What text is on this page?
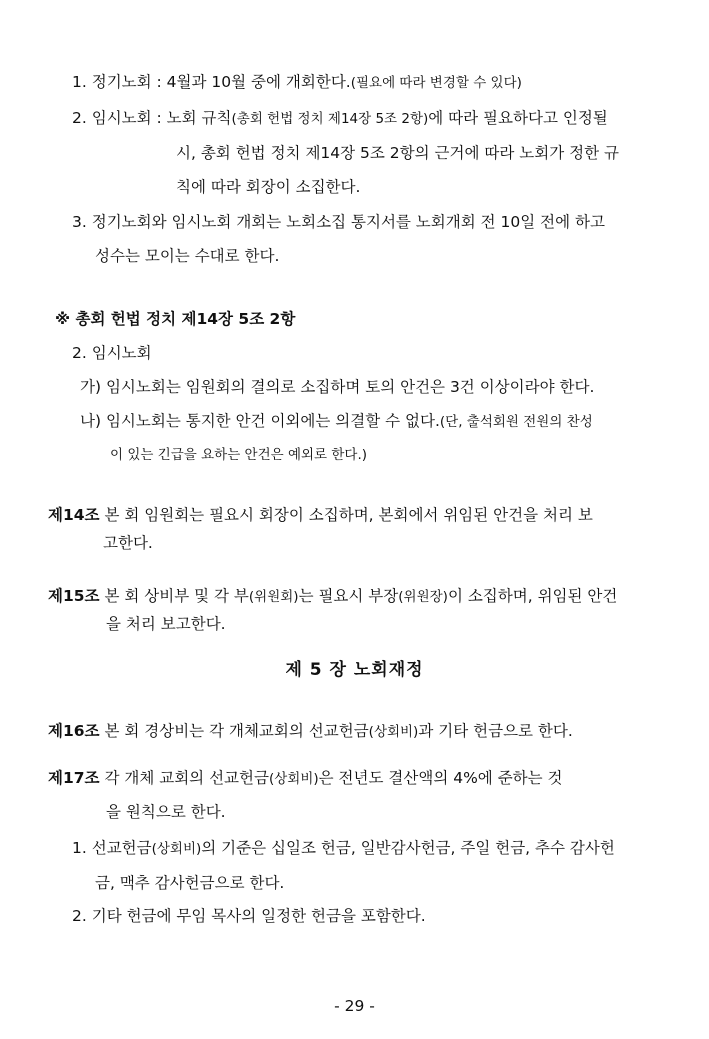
1. 정기노회 : 4월과 10월 중에 개회한다.(필요에 따라 변경할 수 있다)
2. 임시노회 : 노회 규칙(총회 헌법 정치 제14장 5조 2항)에 따라 필요하다고 인정될
시, 총회 헌법 정치 제14장 5조 2항의 근거에 따라 노회가 정한 규
칙에 따라 회장이 소집한다.
3. 정기노회와 임시노회 개회는 노회소집 통지서를 노회개회 전 10일 전에 하고
성수는 모이는 수대로 한다.
※ 총회 헌법 정치 제14장 5조 2항
2. 임시노회
가) 임시노회는 임원회의 결의로 소집하며 토의 안건은 3건 이상이라야 한다.
나) 임시노회는 통지한 안건 이외에는 의결할 수 없다.(단, 출석회원 전원의 찬성
이 있는 긴급을 요하는 안건은 예외로 한다.)
제14조 본 회 임원회는 필요시 회장이 소집하며, 본회에서 위임된 안건을 처리 보
고한다.
제15조 본 회 상비부 및 각 부(위원회)는 필요시 부장(위원장)이 소집하며, 위임된 안건
을 처리 보고한다.
제 5 장 노회재정
제16조 본 회 경상비는 각 개체교회의 선교헌금(상회비)과 기타 헌금으로 한다.
제17조 각 개체 교회의 선교헌금(상회비)은 전년도 결산액의 4%에 준하는 것
을 원칙으로 한다.
1. 선교헌금(상회비)의 기준은 십일조 헌금, 일반감사헌금, 주일 헌금, 추수 감사헌
금, 맥추 감사헌금으로 한다.
2. 기타 헌금에 무임 목사의 일정한 헌금을 포함한다.
- 29 -
